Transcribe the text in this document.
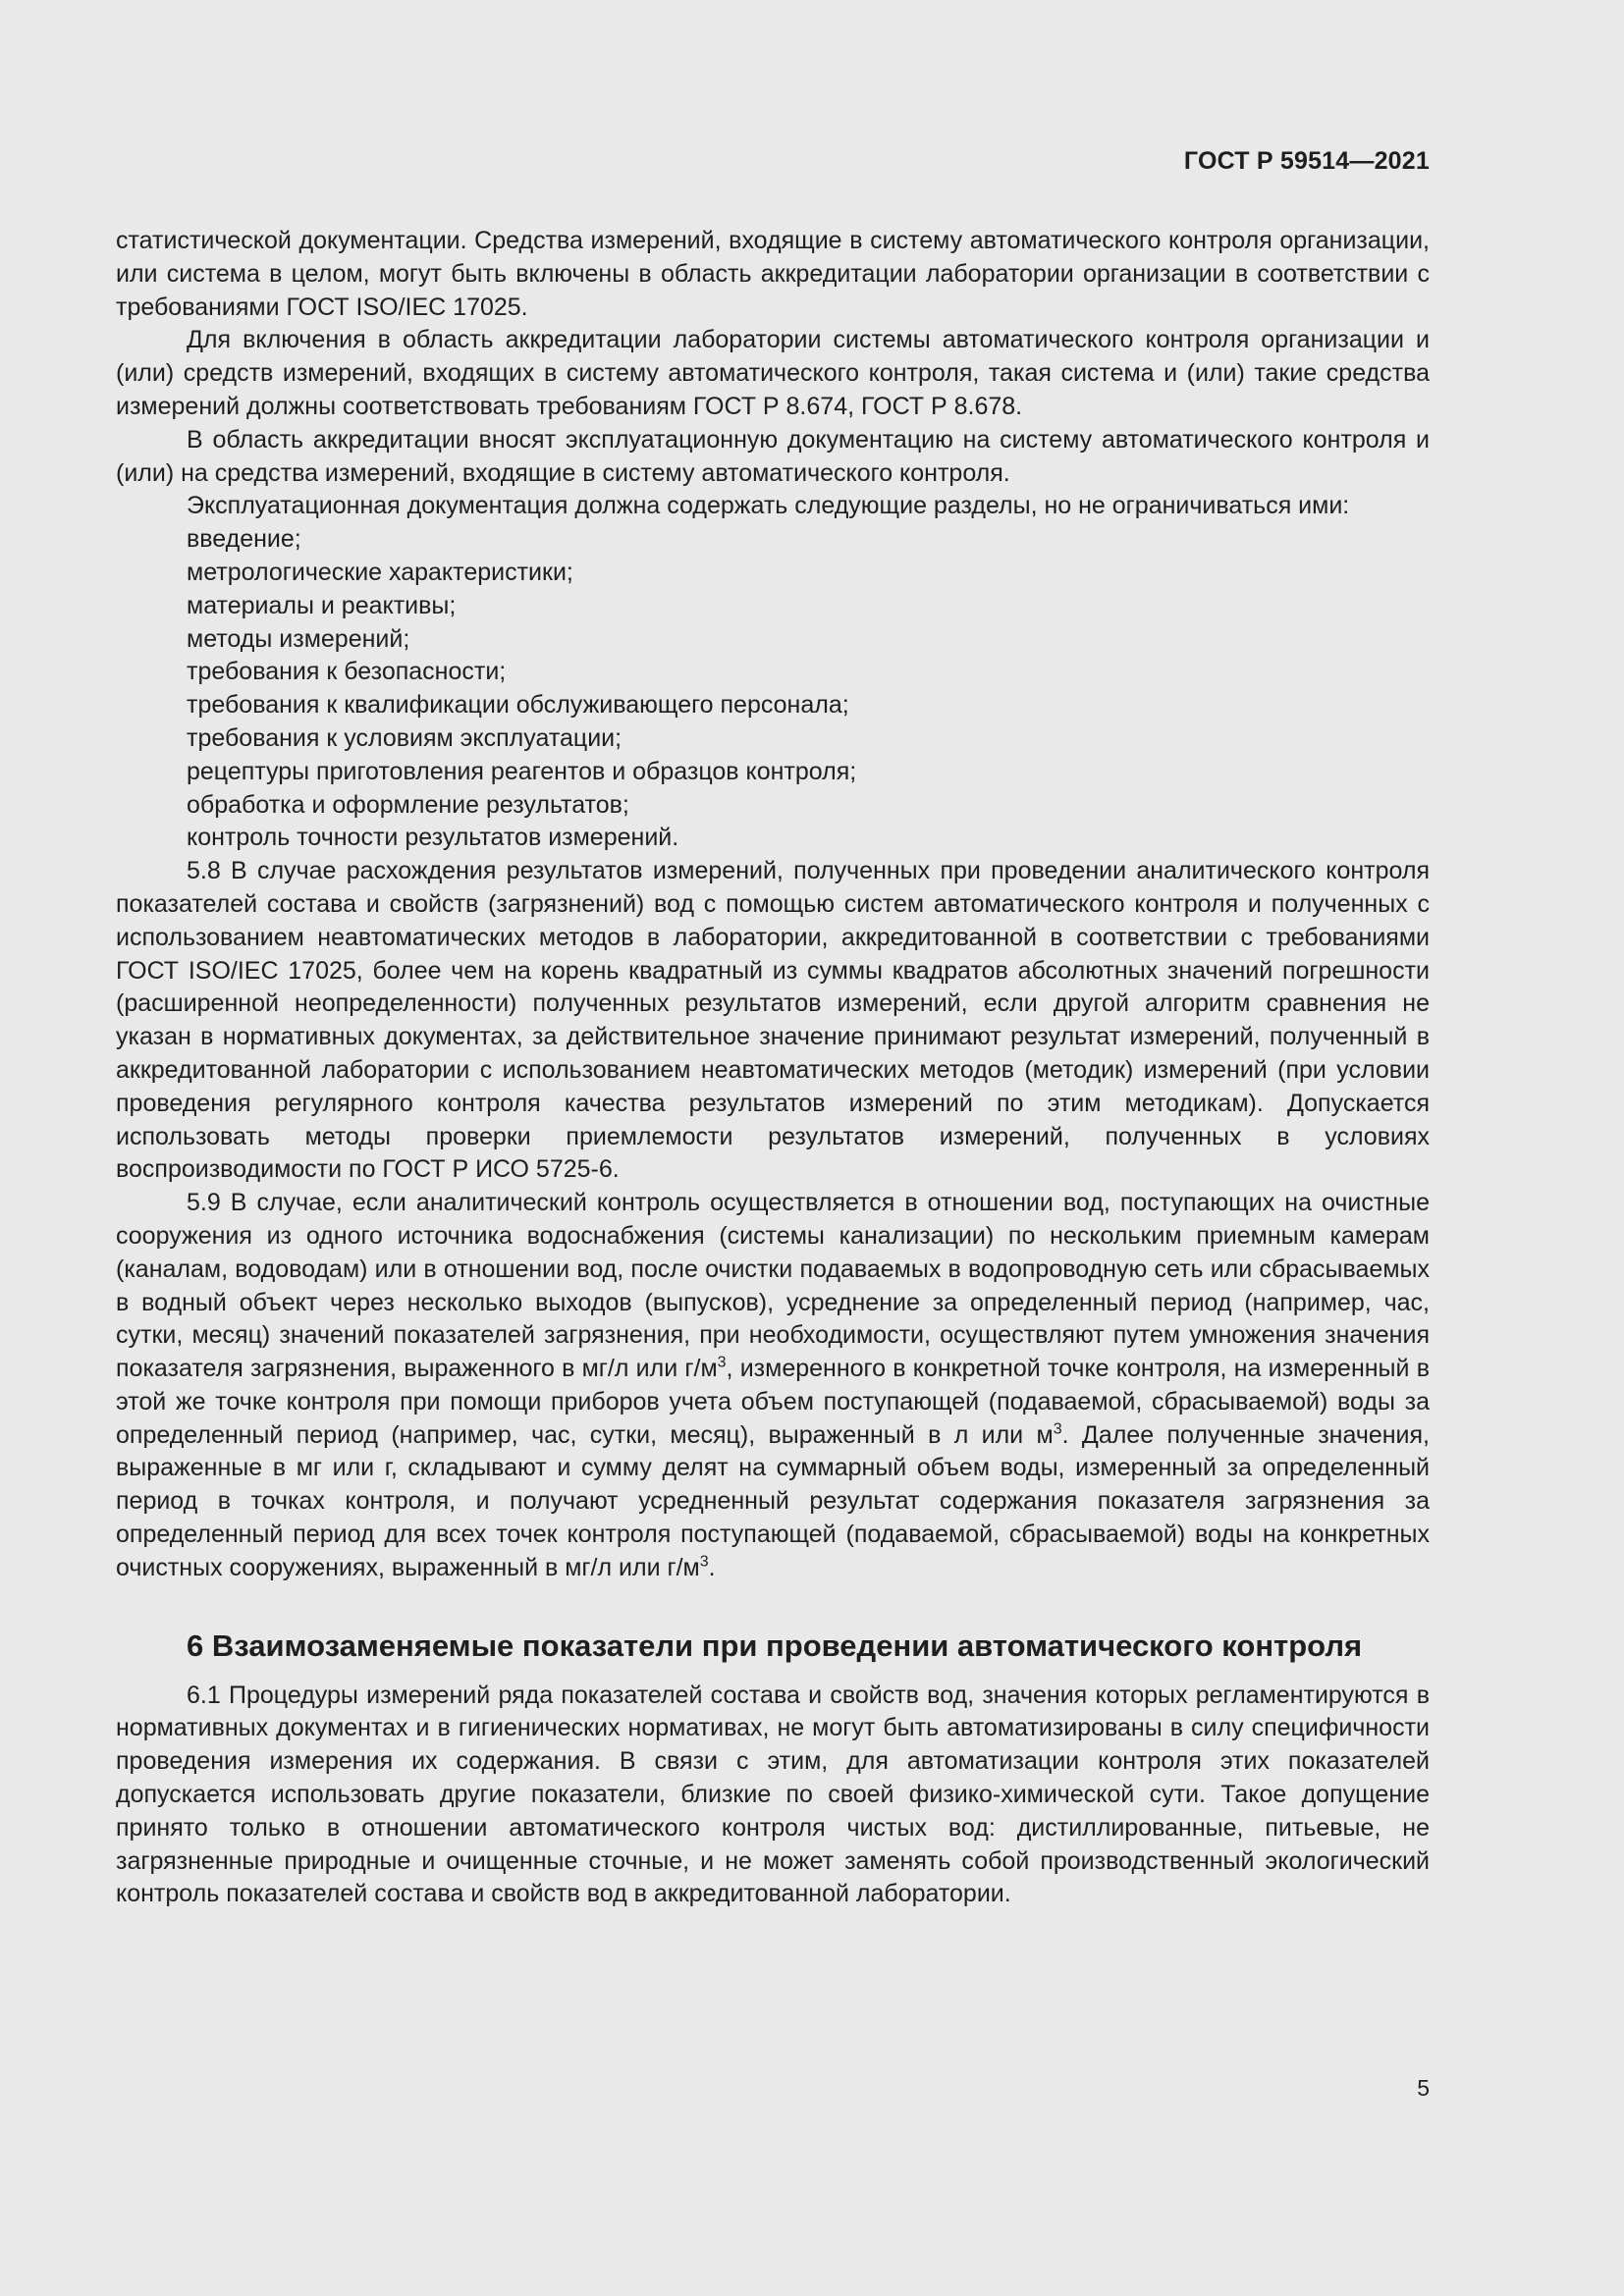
ГОСТ Р 59514—2021

статистической документации. Средства измерений, входящие в систему автоматического контроля организации, или система в целом, могут быть включены в область аккредитации лаборатории организации в соответствии с требованиями ГОСТ ISO/IEC 17025.

Для включения в область аккредитации лаборатории системы автоматического контроля организации и (или) средств измерений, входящих в систему автоматического контроля, такая система и (или) такие средства измерений должны соответствовать требованиям ГОСТ Р 8.674, ГОСТ Р 8.678.

В область аккредитации вносят эксплуатационную документацию на систему автоматического контроля и (или) на средства измерений, входящие в систему автоматического контроля.

Эксплуатационная документация должна содержать следующие разделы, но не ограничиваться ими:

введение;
метрологические характеристики;
материалы и реактивы;
методы измерений;
требования к безопасности;
требования к квалификации обслуживающего персонала;
требования к условиям эксплуатации;
рецептуры приготовления реагентов и образцов контроля;
обработка и оформление результатов;
контроль точности результатов измерений.

5.8 В случае расхождения результатов измерений, полученных при проведении аналитического контроля показателей состава и свойств (загрязнений) вод с помощью систем автоматического контроля и полученных с использованием неавтоматических методов в лаборатории, аккредитованной в соответствии с требованиями ГОСТ ISO/IEC 17025, более чем на корень квадратный из суммы квадратов абсолютных значений погрешности (расширенной неопределенности) полученных результатов измерений, если другой алгоритм сравнения не указан в нормативных документах, за действительное значение принимают результат измерений, полученный в аккредитованной лаборатории с использованием неавтоматических методов (методик) измерений (при условии проведения регулярного контроля качества результатов измерений по этим методикам). Допускается использовать методы проверки приемлемости результатов измерений, полученных в условиях воспроизводимости по ГОСТ Р ИСО 5725-6.

5.9 В случае, если аналитический контроль осуществляется в отношении вод, поступающих на очистные сооружения из одного источника водоснабжения (системы канализации) по нескольким приемным камерам (каналам, водоводам) или в отношении вод, после очистки подаваемых в водопроводную сеть или сбрасываемых в водный объект через несколько выходов (выпусков), усреднение за определенный период (например, час, сутки, месяц) значений показателей загрязнения, при необходимости, осуществляют путем умножения значения показателя загрязнения, выраженного в мг/л или $г/м^3$, измеренного в конкретной точке контроля, на измеренный в этой же точке контроля при помощи приборов учета объем поступающей (подаваемой, сбрасываемой) воды за определенный период (например, час, сутки, месяц), выраженный в л или $м^3$. Далее полученные значения, выраженные в мг или г, складывают и сумму делят на суммарный объем воды, измеренный за определенный период в точках контроля, и получают усредненный результат содержания показателя загрязнения за определенный период для всех точек контроля поступающей (подаваемой, сбрасываемой) воды на конкретных очистных сооружениях, выраженный в мг/л или $г/м^3$.

6 Взаимозаменяемые показатели при проведении автоматического контроля

6.1 Процедуры измерений ряда показателей состава и свойств вод, значения которых регламентируются в нормативных документах и в гигиенических нормативах, не могут быть автоматизированы в силу специфичности проведения измерения их содержания. В связи с этим, для автоматизации контроля этих показателей допускается использовать другие показатели, близкие по своей физико-химической сути. Такое допущение принято только в отношении автоматического контроля чистых вод: дистиллированные, питьевые, не загрязненные природные и очищенные сточные, и не может заменять собой производственный экологический контроль показателей состава и свойств вод в аккредитованной лаборатории.

5
